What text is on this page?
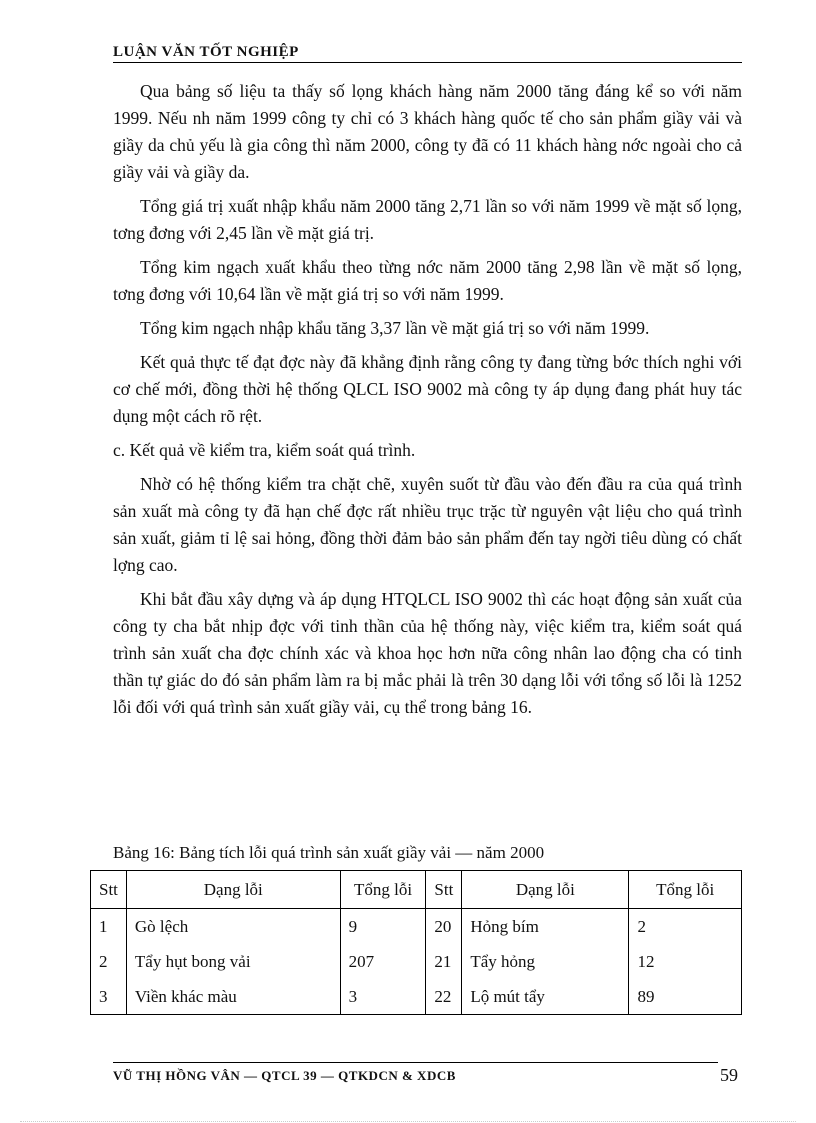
LUẬN VĂN TỐT NGHIỆP

Qua bảng số liệu ta thấy số lọng khách hàng năm 2000 tăng đáng kể so với năm 1999. Nếu nh năm 1999 công ty chỉ có 3 khách hàng quốc tế cho sản phẩm giầy vải và giầy da chủ yếu là gia công thì năm 2000, công ty đã có 11 khách hàng nớc ngoài cho cả giầy vải và giầy da.

Tổng giá trị xuất nhập khẩu năm 2000 tăng 2,71 lần so với năm 1999 về mặt số lọng, tơng đơng với 2,45 lần về mặt giá trị.

Tổng kim ngạch xuất khẩu theo từng nớc năm 2000 tăng 2,98 lần về mặt số lọng, tơng đơng với 10,64 lần về mặt giá trị so với năm 1999.

Tổng kim ngạch nhập khẩu tăng 3,37 lần về mặt giá trị so với năm 1999.

Kết quả thực tế đạt đợc này đã khẳng định rằng công ty đang từng bớc thích nghi với cơ chế mới, đồng thời hệ thống QLCL ISO 9002 mà công ty áp dụng đang phát huy tác dụng một cách rõ rệt.

c. Kết quả về kiểm tra, kiểm soát quá trình.

Nhờ có hệ thống kiểm tra chặt chẽ, xuyên suốt từ đầu vào đến đầu ra của quá trình sản xuất mà công ty đã hạn chế đợc rất nhiều trục trặc từ nguyên vật liệu cho quá trình sản xuất, giảm tỉ lệ sai hỏng, đồng thời đảm bảo sản phẩm đến tay ngời tiêu dùng có chất lợng cao.

Khi bắt đầu xây dựng và áp dụng HTQLCL ISO 9002 thì các hoạt động sản xuất của công ty cha bắt nhịp đợc với tinh thần của hệ thống này, việc kiểm tra, kiểm soát quá trình sản xuất cha đợc chính xác và khoa học hơn nữa công nhân lao động cha có tinh thần tự giác do đó sản phẩm làm ra bị mắc phải là trên 30 dạng lỗi với tổng số lỗi là 1252 lỗi đối với quá trình sản xuất giầy vải, cụ thể trong bảng 16.

Bảng 16: Bảng tích lỗi quá trình sản xuất giầy vải — năm 2000
Stt	Dạng lỗi	Tổng lỗi	Stt	Dạng lỗi	Tổng lỗi
1	Gò lệch	9	20	Hỏng bím	2
2	Tẩy hụt bong vải	207	21	Tẩy hỏng	12
3	Viền khác màu	3	22	Lộ mút tẩy	89
VŨ THỊ HỒNG VÂN — QTCL 39 — QTKDCN & XDCB	59
